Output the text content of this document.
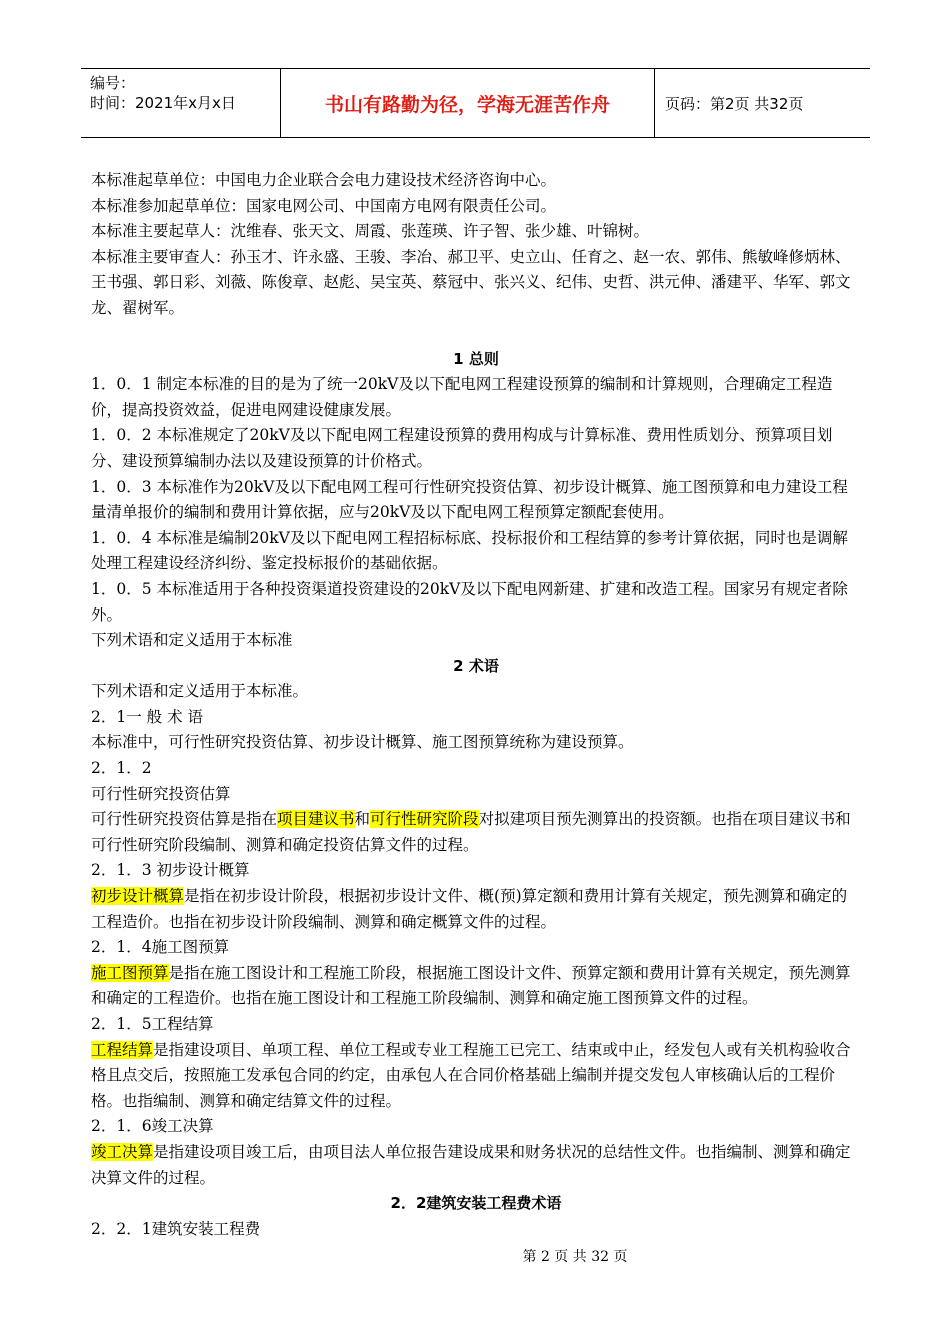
编号：
时间：2021年x月x日	书山有路勤为径，学海无涯苦作舟	页码：第2页 共32页

本标准起草单位：中国电力企业联合会电力建设技术经济咨询中心。

本标准参加起草单位：国家电网公司、中国南方电网有限责任公司。

本标准主要起草人：沈维春、张天文、周霞、张莲瑛、许子智、张少雄、叶锦树。

本标准主要审查人：孙玉才、许永盛、王骏、李冶、郝卫平、史立山、任育之、赵一农、郭伟、熊敏峰修炳林、王书强、郭日彩、刘薇、陈俊章、赵彪、吴宝英、蔡冠中、张兴义、纪伟、史哲、洪元伸、潘建平、华军、郭文龙、翟树军。

1 总则

1．0．1 制定本标准的目的是为了统一20kV及以下配电网工程建设预算的编制和计算规则，合理确定工程造价，提高投资效益，促进电网建设健康发展。

1．0．2 本标准规定了20kV及以下配电网工程建设预算的费用构成与计算标准、费用性质划分、预算项目划分、建设预算编制办法以及建设预算的计价格式。

1．0．3 本标准作为20kV及以下配电网工程可行性研究投资估算、初步设计概算、施工图预算和电力建设工程量清单报价的编制和费用计算依据，应与20kV及以下配电网工程预算定额配套使用。

1．0．4 本标准是编制20kV及以下配电网工程招标标底、投标报价和工程结算的参考计算依据，同时也是调解处理工程建设经济纠纷、鉴定投标报价的基础依据。

1．0．5 本标准适用于各种投资渠道投资建设的20kV及以下配电网新建、扩建和改造工程。国家另有规定者除外。

下列术语和定义适用于本标准

2 术语

下列术语和定义适用于本标准。

2．1一 般 术 语

本标准中，可行性研究投资估算、初步设计概算、施工图预算统称为建设预算。

2．1．2

可行性研究投资估算

可行性研究投资估算是指在项目建议书和可行性研究阶段对拟建项目预先测算出的投资额。也指在项目建议书和可行性研究阶段编制、测算和确定投资估算文件的过程。

2．1．3 初步设计概算

初步设计概算是指在初步设计阶段，根据初步设计文件、概(预)算定额和费用计算有关规定，预先测算和确定的工程造价。也指在初步设计阶段编制、测算和确定概算文件的过程。

2．1．4施工图预算

施工图预算是指在施工图设计和工程施工阶段，根据施工图设计文件、预算定额和费用计算有关规定，预先测算和确定的工程造价。也指在施工图设计和工程施工阶段编制、测算和确定施工图预算文件的过程。

2．1．5工程结算

工程结算是指建设项目、单项工程、单位工程或专业工程施工已完工、结束或中止，经发包人或有关机构验收合格且点交后，按照施工发承包合同的约定，由承包人在合同价格基础上编制并提交发包人审核确认后的工程价格。也指编制、测算和确定结算文件的过程。

2．1．6竣工决算

竣工决算是指建设项目竣工后，由项目法人单位报告建设成果和财务状况的总结性文件。也指编制、测算和确定决算文件的过程。

2．2建筑安装工程费术语

2．2．1建筑安装工程费

第 2 页 共 32 页
